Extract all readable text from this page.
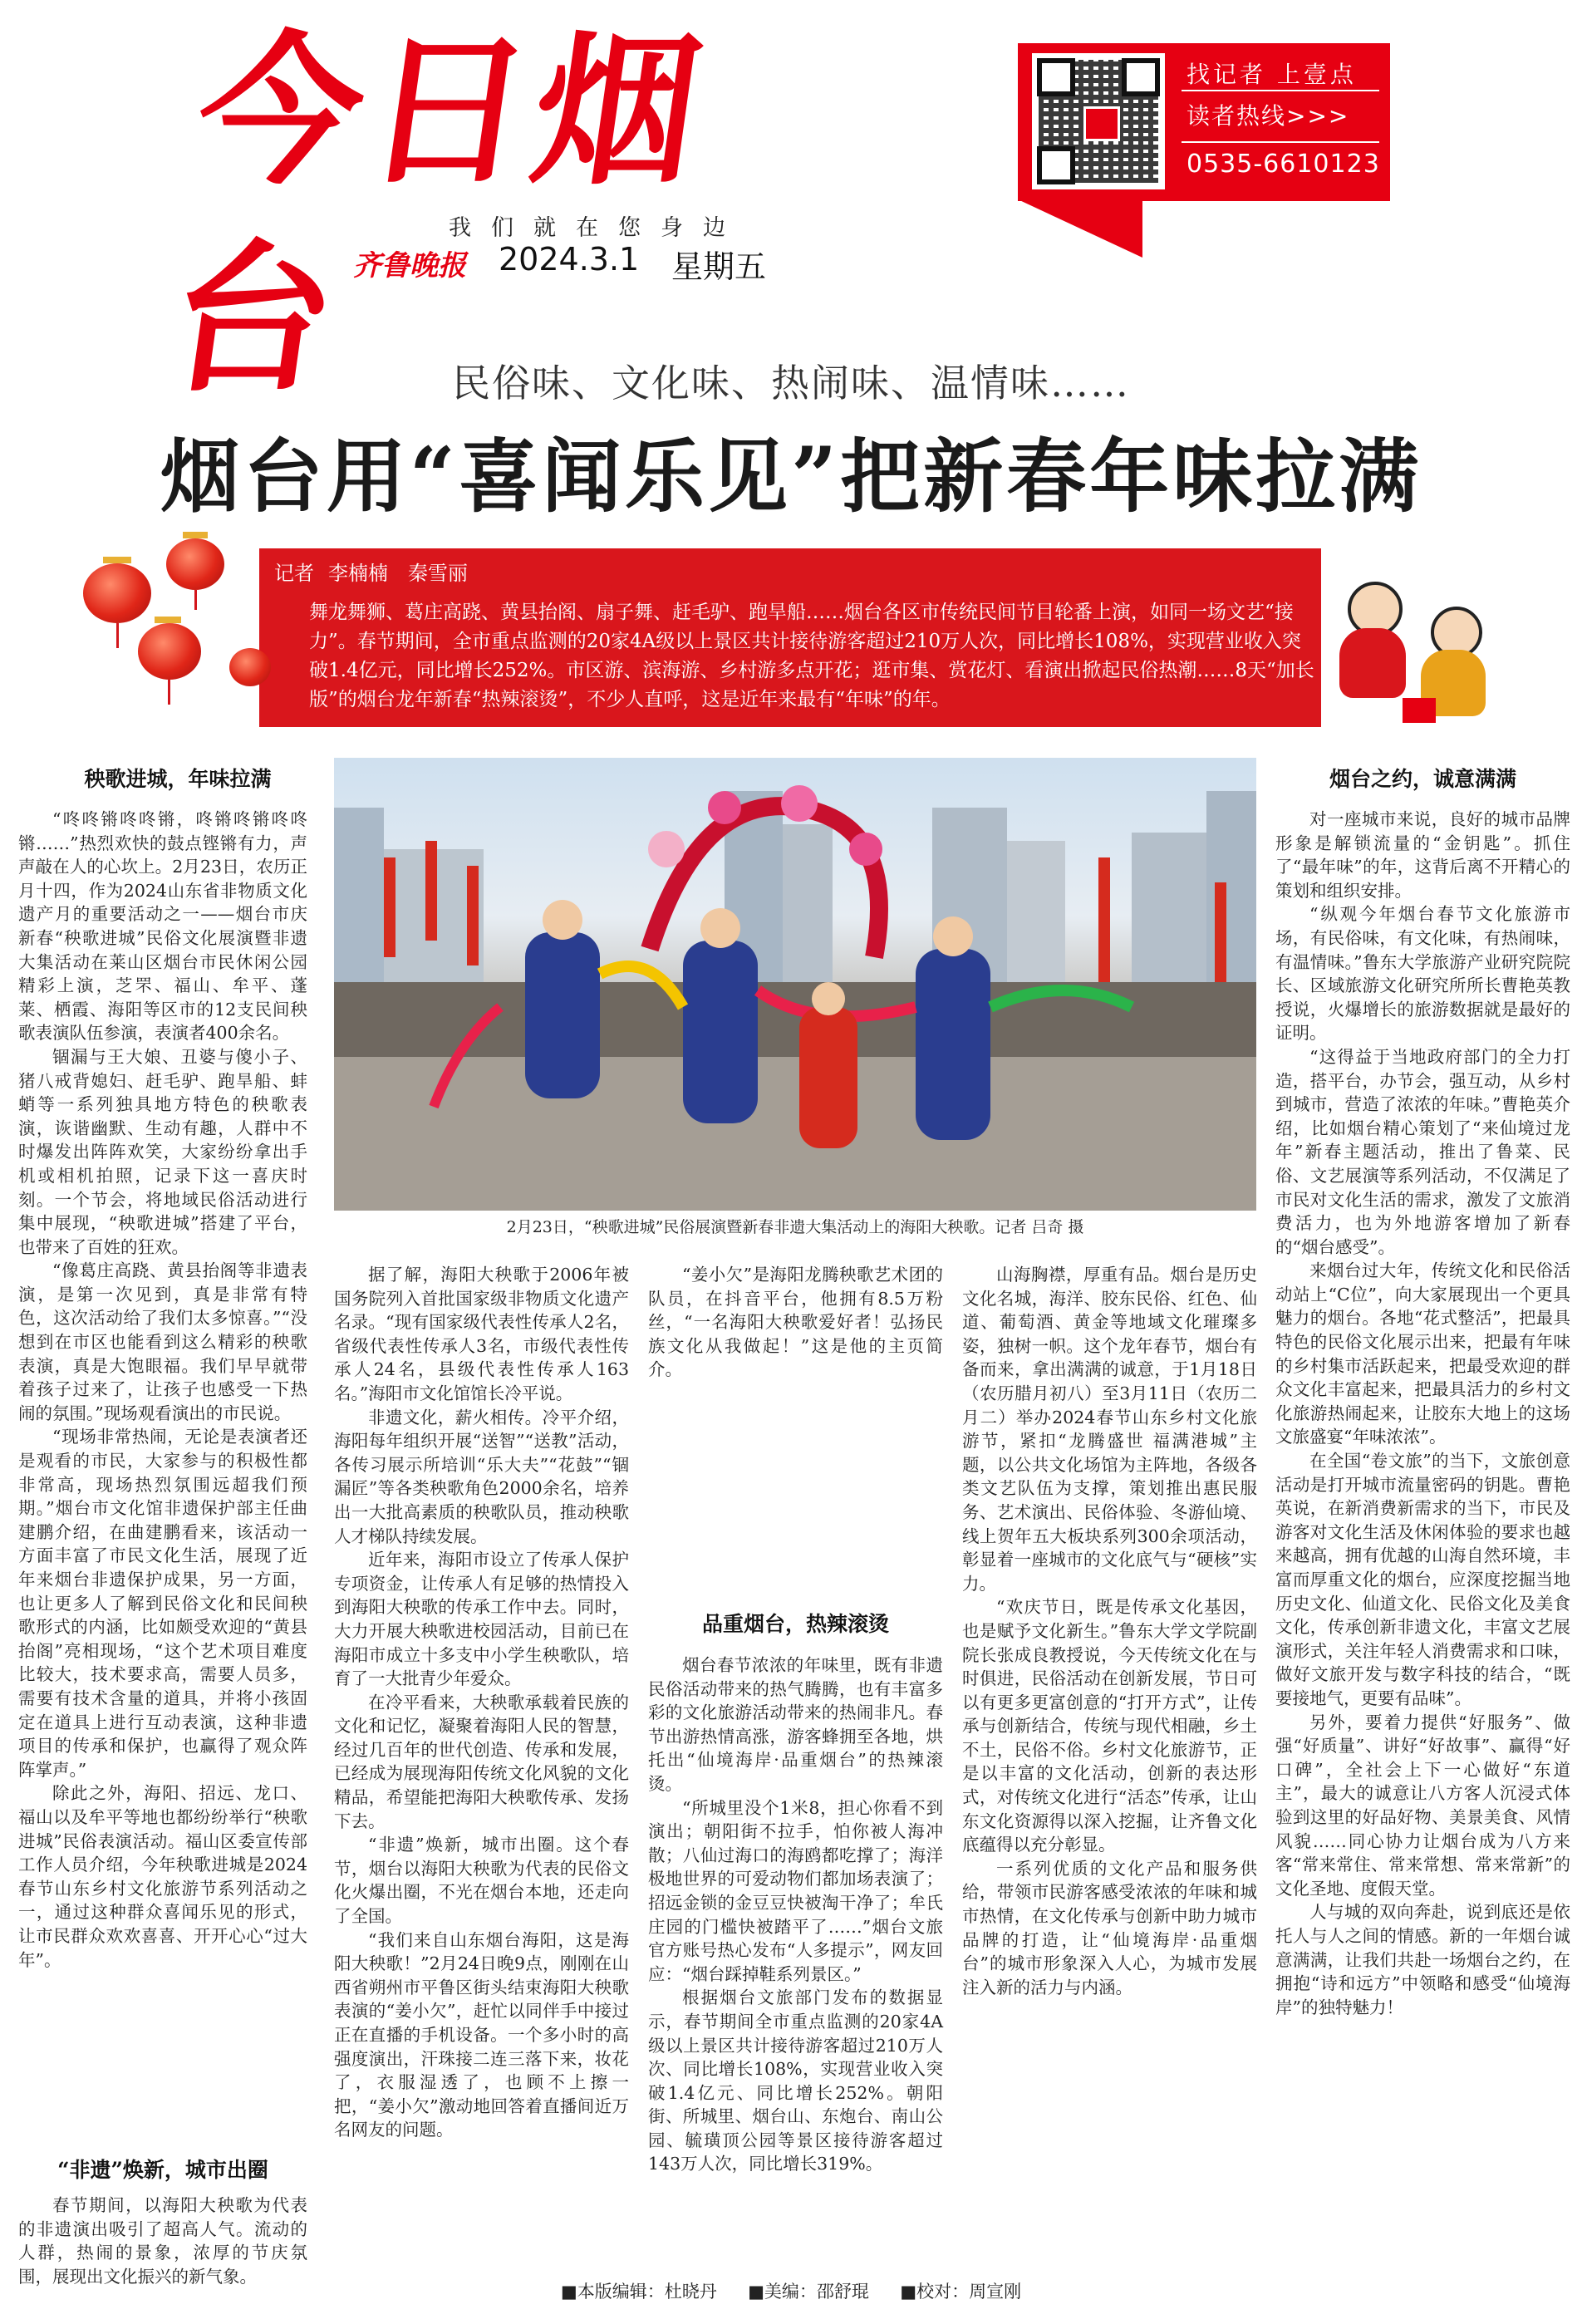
今日烟台	我们就在您身边
齐鲁晚报 2024.3.1 星期五
找记者 上壹点
读者热线>>>
0535-6610123
民俗味、文化味、热闹味、温情味……
烟台用“喜闻乐见”把新春年味拉满
记者 李楠楠　秦雪丽
舞龙舞狮、葛庄高跷、黄县抬阁、扇子舞、赶毛驴、跑旱船……烟台各区市传统民间节目轮番上演，如同一场文艺“接力”。春节期间，全市重点监测的20家4A级以上景区共计接待游客超过210万人次，同比增长108%，实现营业收入突破1.4亿元，同比增长252%。市区游、滨海游、乡村游多点开花；逛市集、赏花灯、看演出掀起民俗热潮……8天“加长版”的烟台龙年新春“热辣滚烫”，不少人直呼，这是近年来最有“年味”的年。
2月23日，“秧歌进城”民俗展演暨新春非遗大集活动上的海阳大秧歌。记者 吕奇 摄
秧歌进城，年味拉满

“咚咚锵咚咚锵，咚锵咚锵咚咚锵……”热烈欢快的鼓点铿锵有力，声声敲在人的心坎上。2月23日，农历正月十四，作为2024山东省非物质文化遗产月的重要活动之一——烟台市庆新春“秧歌进城”民俗文化展演暨非遗大集活动在莱山区烟台市民休闲公园精彩上演，芝罘、福山、牟平、蓬莱、栖霞、海阳等区市的12支民间秧歌表演队伍参演，表演者400余名。

锢漏与王大娘、丑婆与傻小子、猪八戒背媳妇、赶毛驴、跑旱船、蚌蛸等一系列独具地方特色的秧歌表演，诙谐幽默、生动有趣，人群中不时爆发出阵阵欢笑，大家纷纷拿出手机或相机拍照，记录下这一喜庆时刻。一个节会，将地域民俗活动进行集中展现，“秧歌进城”搭建了平台，也带来了百姓的狂欢。

“像葛庄高跷、黄县抬阁等非遗表演，是第一次见到，真是非常有特色，这次活动给了我们太多惊喜。”“没想到在市区也能看到这么精彩的秧歌表演，真是大饱眼福。我们早早就带着孩子过来了，让孩子也感受一下热闹的氛围。”现场观看演出的市民说。

“现场非常热闹，无论是表演者还是观看的市民，大家参与的积极性都非常高，现场热烈氛围远超我们预期。”烟台市文化馆非遗保护部主任曲建鹏介绍，在曲建鹏看来，该活动一方面丰富了市民文化生活，展现了近年来烟台非遗保护成果，另一方面，也让更多人了解到民俗文化和民间秧歌形式的内涵，比如颇受欢迎的“黄县抬阁”亮相现场，“这个艺术项目难度比较大，技术要求高，需要人员多，需要有技术含量的道具，并将小孩固定在道具上进行互动表演，这种非遗项目的传承和保护，也赢得了观众阵阵掌声。”

除此之外，海阳、招远、龙口、福山以及牟平等地也都纷纷举行“秧歌进城”民俗表演活动。福山区委宣传部工作人员介绍，今年秧歌进城是2024春节山东乡村文化旅游节系列活动之一，通过这种群众喜闻乐见的形式，让市民群众欢欢喜喜、开开心心“过大年”。

“非遗”焕新，城市出圈

春节期间，以海阳大秧歌为代表的非遗演出吸引了超高人气。流动的人群，热闹的景象，浓厚的节庆氛围，展现出文化振兴的新气象。

据了解，海阳大秧歌于2006年被国务院列入首批国家级非物质文化遗产名录。“现有国家级代表性传承人2名，省级代表性传承人3名，市级代表性传承人24名，县级代表性传承人163名。”海阳市文化馆馆长冷平说。

非遗文化，薪火相传。冷平介绍，海阳每年组织开展“送智”“送教”活动，各传习展示所培训“乐大夫”“花鼓”“锢漏匠”等各类秧歌角色2000余名，培养出一大批高素质的秧歌队员，推动秧歌人才梯队持续发展。

近年来，海阳市设立了传承人保护专项资金，让传承人有足够的热情投入到海阳大秧歌的传承工作中去。同时，大力开展大秧歌进校园活动，目前已在海阳市成立十多支中小学生秧歌队，培育了一大批青少年爱众。

在冷平看来，大秧歌承载着民族的文化和记忆，凝聚着海阳人民的智慧，经过几百年的世代创造、传承和发展，已经成为展现海阳传统文化风貌的文化精品，希望能把海阳大秧歌传承、发扬下去。

“非遗”焕新，城市出圈。这个春节，烟台以海阳大秧歌为代表的民俗文化火爆出圈，不光在烟台本地，还走向了全国。

“我们来自山东烟台海阳，这是海阳大秧歌！”2月24日晚9点，刚刚在山西省朔州市平鲁区街头结束海阳大秧歌表演的“姜小欠”，赶忙以同伴手中接过正在直播的手机设备。一个多小时的高强度演出，汗珠接二连三落下来，妆花了，衣服湿透了，也顾不上擦一把，“姜小欠”激动地回答着直播间近万名网友的问题。

“姜小欠”是海阳龙腾秧歌艺术团的队员，在抖音平台，他拥有8.5万粉丝，“一名海阳大秧歌爱好者！弘扬民族文化从我做起！”这是他的主页简介。

品重烟台，热辣滚烫

烟台春节浓浓的年味里，既有非遗民俗活动带来的热气腾腾，也有丰富多彩的文化旅游活动带来的热闹非凡。春节出游热情高涨，游客蜂拥至各地，烘托出“仙境海岸·品重烟台”的热辣滚烫。

“所城里没个1米8，担心你看不到演出；朝阳街不拉手，怕你被人海冲散；八仙过海口的海鸥都吃撑了；海洋极地世界的可爱动物们都加场表演了；招远金锁的金豆豆快被淘干净了；牟氏庄园的门槛快被踏平了……”烟台文旅官方账号热心发布“人多提示”，网友回应：“烟台踩掉鞋系列景区。”

根据烟台文旅部门发布的数据显示，春节期间全市重点监测的20家4A级以上景区共计接待游客超过210万人次、同比增长108%，实现营业收入突破1.4亿元、同比增长252%。朝阳街、所城里、烟台山、东炮台、南山公园、毓璜顶公园等景区接待游客超过143万人次，同比增长319%。

山海胸襟，厚重有品。烟台是历史文化名城，海洋、胶东民俗、红色、仙道、葡萄酒、黄金等地域文化璀璨多姿，独树一帜。这个龙年春节，烟台有备而来，拿出满满的诚意，于1月18日（农历腊月初八）至3月11日（农历二月二）举办2024春节山东乡村文化旅游节，紧扣“龙腾盛世 福满港城”主题，以公共文化场馆为主阵地，各级各类文艺队伍为支撑，策划推出惠民服务、艺术演出、民俗体验、冬游仙境、线上贺年五大板块系列300余项活动，彰显着一座城市的文化底气与“硬核”实力。

“欢庆节日，既是传承文化基因，也是赋予文化新生。”鲁东大学文学院副院长张成良教授说，今天传统文化在与时俱进，民俗活动在创新发展，节日可以有更多更富创意的“打开方式”，让传承与创新结合，传统与现代相融，乡土不土，民俗不俗。乡村文化旅游节，正是以丰富的文化活动，创新的表达形式，对传统文化进行“活态”传承，让山东文化资源得以深入挖掘，让齐鲁文化底蕴得以充分彰显。

一系列优质的文化产品和服务供给，带领市民游客感受浓浓的年味和城市热情，在文化传承与创新中助力城市品牌的打造，让“仙境海岸·品重烟台”的城市形象深入人心，为城市发展注入新的活力与内涵。

烟台之约，诚意满满

对一座城市来说，良好的城市品牌形象是解锁流量的“金钥匙”。抓住了“最年味”的年，这背后离不开精心的策划和组织安排。

“纵观今年烟台春节文化旅游市场，有民俗味，有文化味，有热闹味，有温情味。”鲁东大学旅游产业研究院院长、区域旅游文化研究所所长曹艳英教授说，火爆增长的旅游数据就是最好的证明。

“这得益于当地政府部门的全力打造，搭平台，办节会，强互动，从乡村到城市，营造了浓浓的年味。”曹艳英介绍，比如烟台精心策划了“来仙境过龙年”新春主题活动，推出了鲁菜、民俗、文艺展演等系列活动，不仅满足了市民对文化生活的需求，激发了文旅消费活力，也为外地游客增加了新春的“烟台感受”。

来烟台过大年，传统文化和民俗活动站上“C位”，向大家展现出一个更具魅力的烟台。各地“花式整活”，把最具特色的民俗文化展示出来，把最有年味的乡村集市活跃起来，把最受欢迎的群众文化丰富起来，把最具活力的乡村文化旅游热闹起来，让胶东大地上的这场文旅盛宴“年味浓浓”。

在全国“卷文旅”的当下，文旅创意活动是打开城市流量密码的钥匙。曹艳英说，在新消费新需求的当下，市民及游客对文化生活及休闲体验的要求也越来越高，拥有优越的山海自然环境，丰富而厚重文化的烟台，应深度挖掘当地历史文化、仙道文化、民俗文化及美食文化，传承创新非遗文化，丰富文艺展演形式，关注年轻人消费需求和口味，做好文旅开发与数字科技的结合，“既要接地气，更要有品味”。

另外，要着力提供“好服务”、做强“好质量”、讲好“好故事”、赢得“好口碑”，全社会上下一心做好“东道主”，最大的诚意让八方客人沉浸式体验到这里的好品好物、美景美食、风情风貌……同心协力让烟台成为八方来客“常来常住、常来常想、常来常新”的文化圣地、度假天堂。

人与城的双向奔赴，说到底还是依托人与人之间的情感。新的一年烟台诚意满满，让我们共赴一场烟台之约，在拥抱“诗和远方”中领略和感受“仙境海岸”的独特魅力！

■本版编辑：杜晓丹 ■美编：邵舒琨 ■校对：周宣刚
